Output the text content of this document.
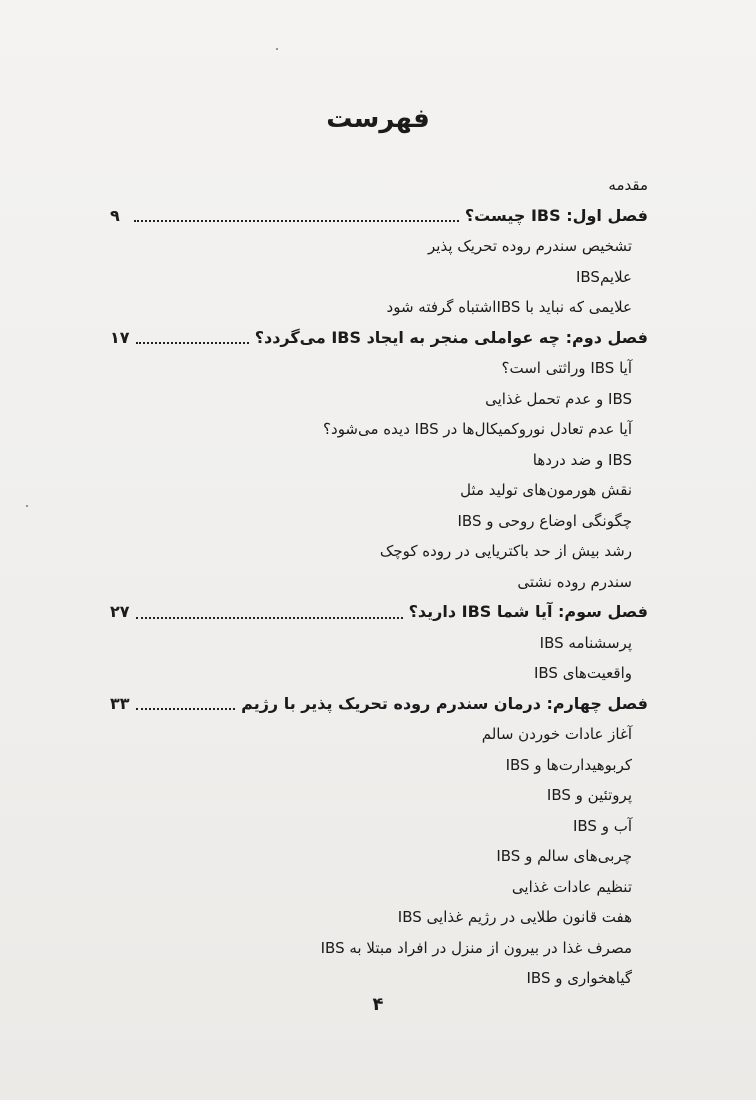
فهرست
مقدمه
فصل اول: IBS چیست؟
۹
تشخیص سندرم روده تحریک پذیر
علایمIBS
علایمی که نباید با IBSاشتباه گرفته شود
فصل دوم: چه عواملی منجر به ایجاد IBS می‌گردد؟
۱۷
آیا IBS وراثتی است؟
IBS و عدم تحمل غذایی
آیا عدم تعادل نوروکمیکال‌ها در IBS دیده می‌شود؟
IBS و ضد دردها
نقش هورمون‌های تولید مثل
چگونگی اوضاع روحی و IBS
رشد بیش از حد باکتریایی در روده کوچک
سندرم روده نشتی
فصل سوم: آیا شما IBS دارید؟
۲۷
پرسشنامه IBS
واقعیت‌های IBS
فصل چهارم: درمان سندرم روده تحریک پذیر با رژیم
۳۳
آغاز عادات خوردن سالم
کربوهیدارت‌ها و IBS
پروتئین و IBS
آب و IBS
چربی‌های سالم و IBS
تنظیم عادات غذایی
هفت قانون طلایی در رژیم غذایی IBS
مصرف غذا در بیرون از منزل در افراد مبتلا به IBS
گیاهخواری و IBS
۴
